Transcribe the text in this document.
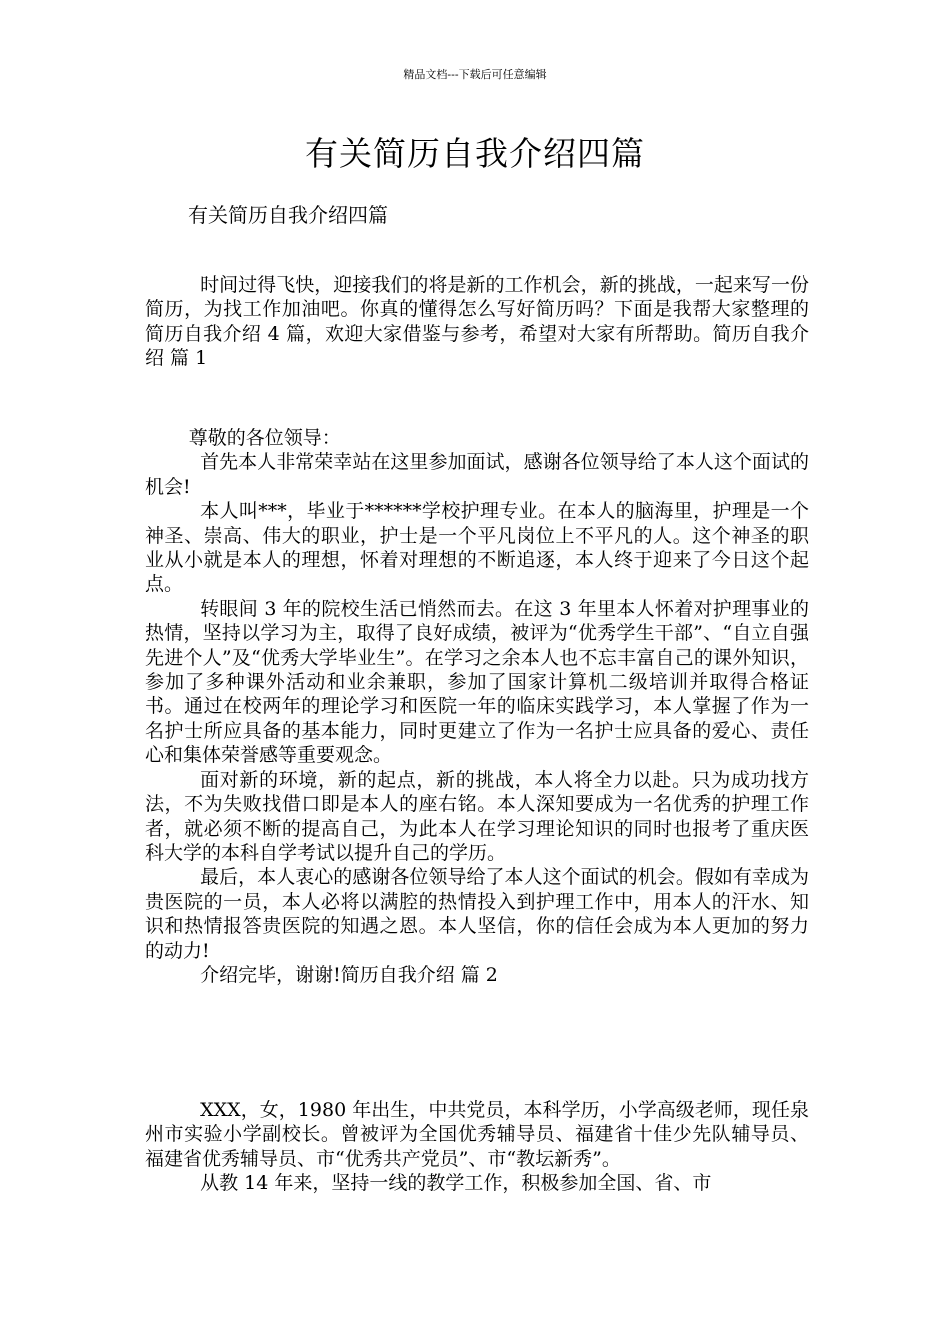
精品文档---下载后可任意编辑
有关简历自我介绍四篇
有关简历自我介绍四篇

时间过得飞快，迎接我们的将是新的工作机会，新的挑战，一起来写一份简历，为找工作加油吧。你真的懂得怎么写好简历吗？下面是我帮大家整理的简历自我介绍 4 篇，欢迎大家借鉴与参考，希望对大家有所帮助。简历自我介绍 篇 1

尊敬的各位领导：

首先本人非常荣幸站在这里参加面试，感谢各位领导给了本人这个面试的机会!

本人叫***，毕业于******学校护理专业。在本人的脑海里，护理是一个神圣、崇高、伟大的职业，护士是一个平凡岗位上不平凡的人。这个神圣的职业从小就是本人的理想，怀着对理想的不断追逐，本人终于迎来了今日这个起点。

转眼间 3 年的院校生活已悄然而去。在这 3 年里本人怀着对护理事业的热情，坚持以学习为主，取得了良好成绩，被评为“优秀学生干部”、“自立自强先进个人”及“优秀大学毕业生”。在学习之余本人也不忘丰富自己的课外知识，参加了多种课外活动和业余兼职，参加了国家计算机二级培训并取得合格证书。通过在校两年的理论学习和医院一年的临床实践学习，本人掌握了作为一名护士所应具备的基本能力，同时更建立了作为一名护士应具备的爱心、责任心和集体荣誉感等重要观念。

面对新的环境，新的起点，新的挑战，本人将全力以赴。只为成功找方法，不为失败找借口即是本人的座右铭。本人深知要成为一名优秀的护理工作者，就必须不断的提高自己，为此本人在学习理论知识的同时也报考了重庆医科大学的本科自学考试以提升自己的学历。

最后，本人衷心的感谢各位领导给了本人这个面试的机会。假如有幸成为贵医院的一员，本人必将以满腔的热情投入到护理工作中，用本人的汗水、知识和热情报答贵医院的知遇之恩。本人坚信，你的信任会成为本人更加的努力的动力!

介绍完毕，谢谢!简历自我介绍 篇 2

XXX，女，1980 年出生，中共党员，本科学历，小学高级老师，现任泉州市实验小学副校长。曾被评为全国优秀辅导员、福建省十佳少先队辅导员、福建省优秀辅导员、市“优秀共产党员”、市“教坛新秀”。

从教 14 年来，坚持一线的教学工作，积极参加全国、省、市
